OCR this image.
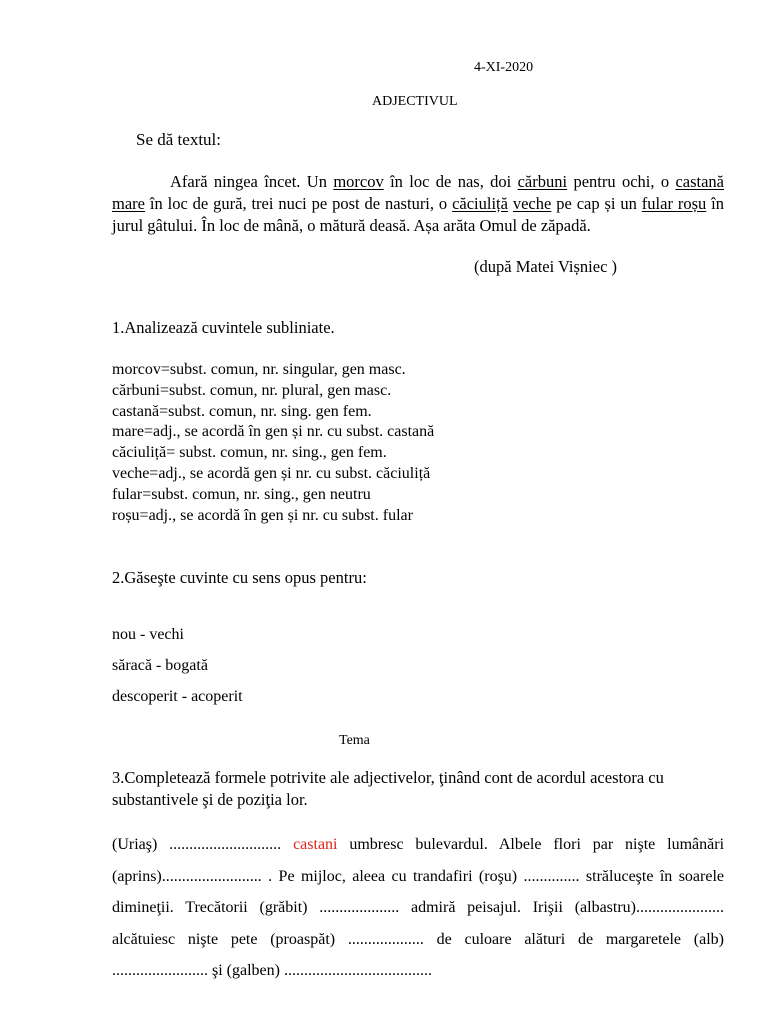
4-XI-2020
ADJECTIVUL
Se dă textul:
Afară ningea încet. Un morcov în loc de nas, doi cărbuni pentru ochi, o castană mare în loc de gură, trei nuci pe post de nasturi, o căciuliță veche pe cap și un fular roșu în jurul gâtului. În loc de mână, o mătură deasă. Așa arăta Omul de zăpadă.
(după Matei Vișniec )
1.Analizează cuvintele subliniate.
morcov=subst. comun, nr. singular, gen masc.
cărbuni=subst. comun, nr. plural, gen masc.
castană=subst. comun, nr. sing. gen fem.
mare=adj., se acordă în gen și nr. cu subst. castană
căciuliță= subst. comun, nr. sing., gen fem.
veche=adj., se acordă gen și nr. cu subst. căciuliță
fular=subst. comun, nr. sing., gen neutru
roșu=adj., se acordă în gen și nr. cu subst. fular
2.Găseşte cuvinte cu sens opus pentru:
nou - vechi
săracă - bogată
descoperit - acoperit
Tema
3.Completează formele potrivite ale adjectivelor, ţinând cont de acordul acestora cu substantivele şi de poziţia lor.
(Uriaş) ............................ castani umbresc bulevardul. Albele flori par nişte lumânări (aprins)......................... . Pe mijloc, aleea cu trandafiri (roşu) .............. străluceşte în soarele dimineţii. Trecătorii (grăbit) .................... admiră peisajul. Irişii (albastru)...................... alcătuiesc nişte pete (proaspăt) ................... de culoare alături de margaretele (alb) ........................ şi (galben) .....................................
